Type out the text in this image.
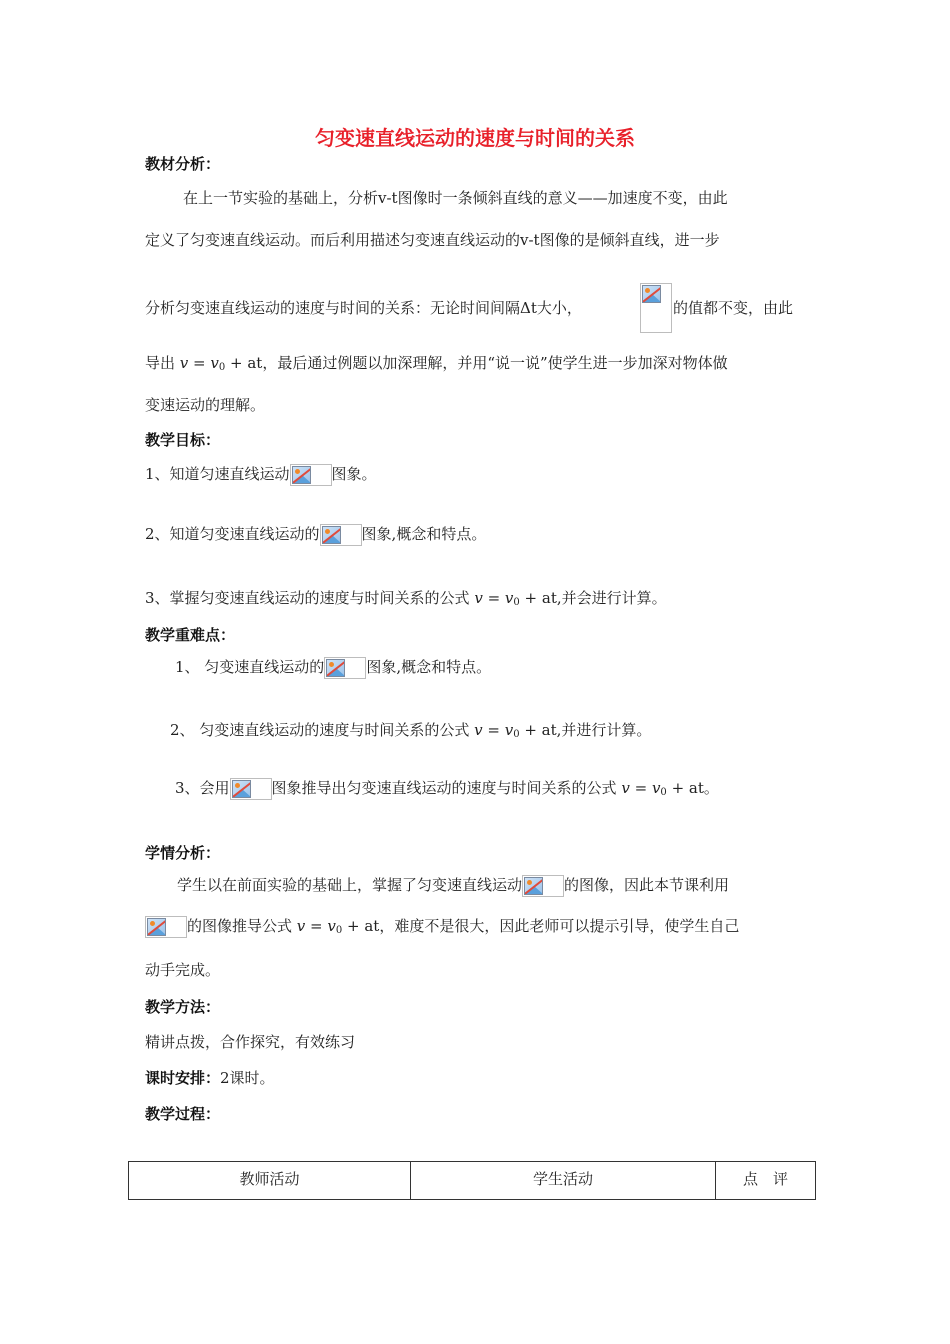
匀变速直线运动的速度与时间的关系
教材分析：
在上一节实验的基础上，分析v-t图像时一条倾斜直线的意义——加速度不变，由此
定义了匀变速直线运动。而后利用描述匀变速直线运动的v-t图像的是倾斜直线，进一步
分析匀变速直线运动的速度与时间的关系：无论时间间隔Δt大小，	的值都不变，由此
导出 $v = v_0$ + at，最后通过例题以加深理解，并用“说一说”使学生进一步加深对物体做
变速运动的理解。
教学目标：
1、知道匀速直线运动	图象。
2、知道匀变速直线运动的	图象,概念和特点。
3、掌握匀变速直线运动的速度与时间关系的公式 $v = v_0$ + at,并会进行计算。
教学重难点：
1、 匀变速直线运动的	图象,概念和特点。
2、 匀变速直线运动的速度与时间关系的公式 $v = v_0$ + at,并进行计算。
3、会用	图象推导出匀变速直线运动的速度与时间关系的公式 $v = v_0$ + at。
学情分析：
学生以在前面实验的基础上，掌握了匀变速直线运动	的图像，因此本节课利用
的图像推导公式 $v = v_0$ + at，难度不是很大，因此老师可以提示引导，使学生自己
动手完成。
教学方法：
精讲点拨，合作探究，有效练习
课时安排：2课时。
教学过程：
教师活动	学生活动	点　评
